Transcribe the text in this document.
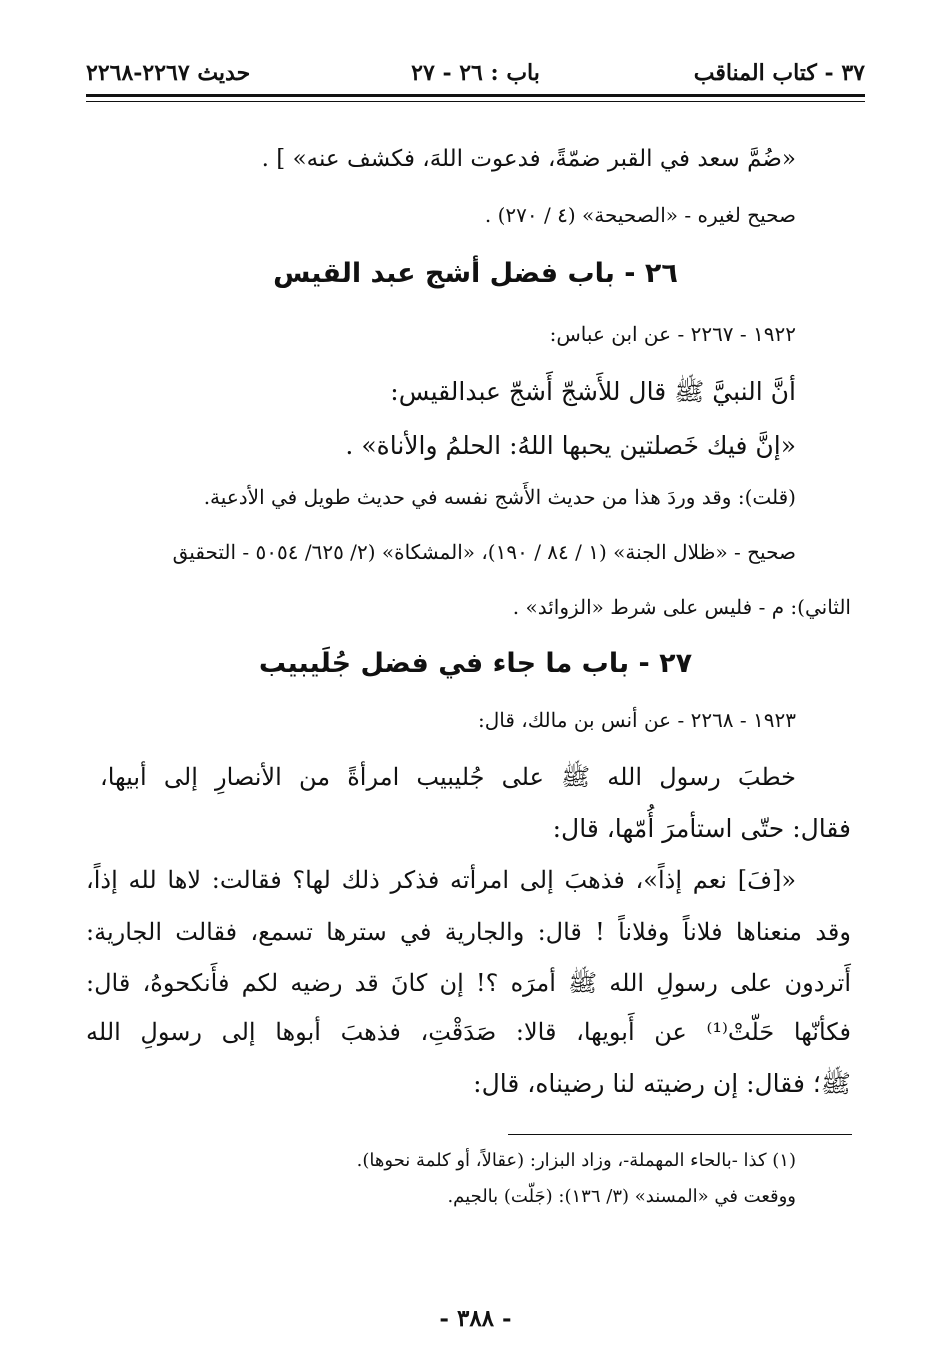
٣٧ - كتاب المناقب
باب : ٢٦ - ٢٧
حديث ٢٢٦٧-٢٢٦٨
«ضُمَّ سعد في القبر ضمّةً، فدعوت اللهَ، فكشف عنه» ] .
صحيح لغيره - «الصحيحة» (٤ / ٢٧٠) .
٢٦ - باب فضل أشج عبد القيس
١٩٢٢ - ٢٢٦٧ - عن ابن عباس:
أنَّ النبيَّ ﷺ قال للأَشجّ أَشجّ عبدالقيس:
«إنَّ فيك خَصلتين يحبها اللهُ: الحلمُ والأناة» .
(قلت): وقد وردَ هذا من حديث الأَشج نفسه في حديث طويل في الأدعية.
صحيح - «ظلال الجنة» (١ / ٨٤ / ١٩٠)، «المشكاة» (٢/ ٦٢٥/ ٥٠٥٤ - التحقيق
الثاني): م - فليس على شرط «الزوائد» .
٢٧ - باب ما جاء في فضل جُلَيبيب
١٩٢٣ - ٢٢٦٨ - عن أنس بن مالك، قال:
خطبَ رسول الله ﷺ على جُليبيب امرأةً من الأنصارِ إلى أبيها،
فقال: حتّى استأمرَ أُمّها، قال:
«[فَ] نعم إذاً»، فذهبَ إلى امرأته فذكر ذلك لها؟ فقالت: لاها لله إذاً،
وقد منعناها فلاناً وفلاناً ! قال: والجارية في سترها تسمع، فقالت الجارية:
أَتردون على رسولِ الله ﷺ أمرَه ؟! إن كانَ قد رضيه لكم فأَنكحوهُ، قال:
فكأنّها حَلّتْ⁽¹⁾ عن أَبويها، قالا: صَدَقْتِ، فذهبَ أبوها إلى رسولِ الله
ﷺ؛ فقال: إن رضيته لنا رضيناه، قال:
(١) كذا -بالحاء المهملة-، وزاد البزار: (عقالاً، أو كلمة نحوها).
ووقعت في «المسند» (٣/ ١٣٦): (جَلّت) بالجيم.
- ٣٨٨ -
